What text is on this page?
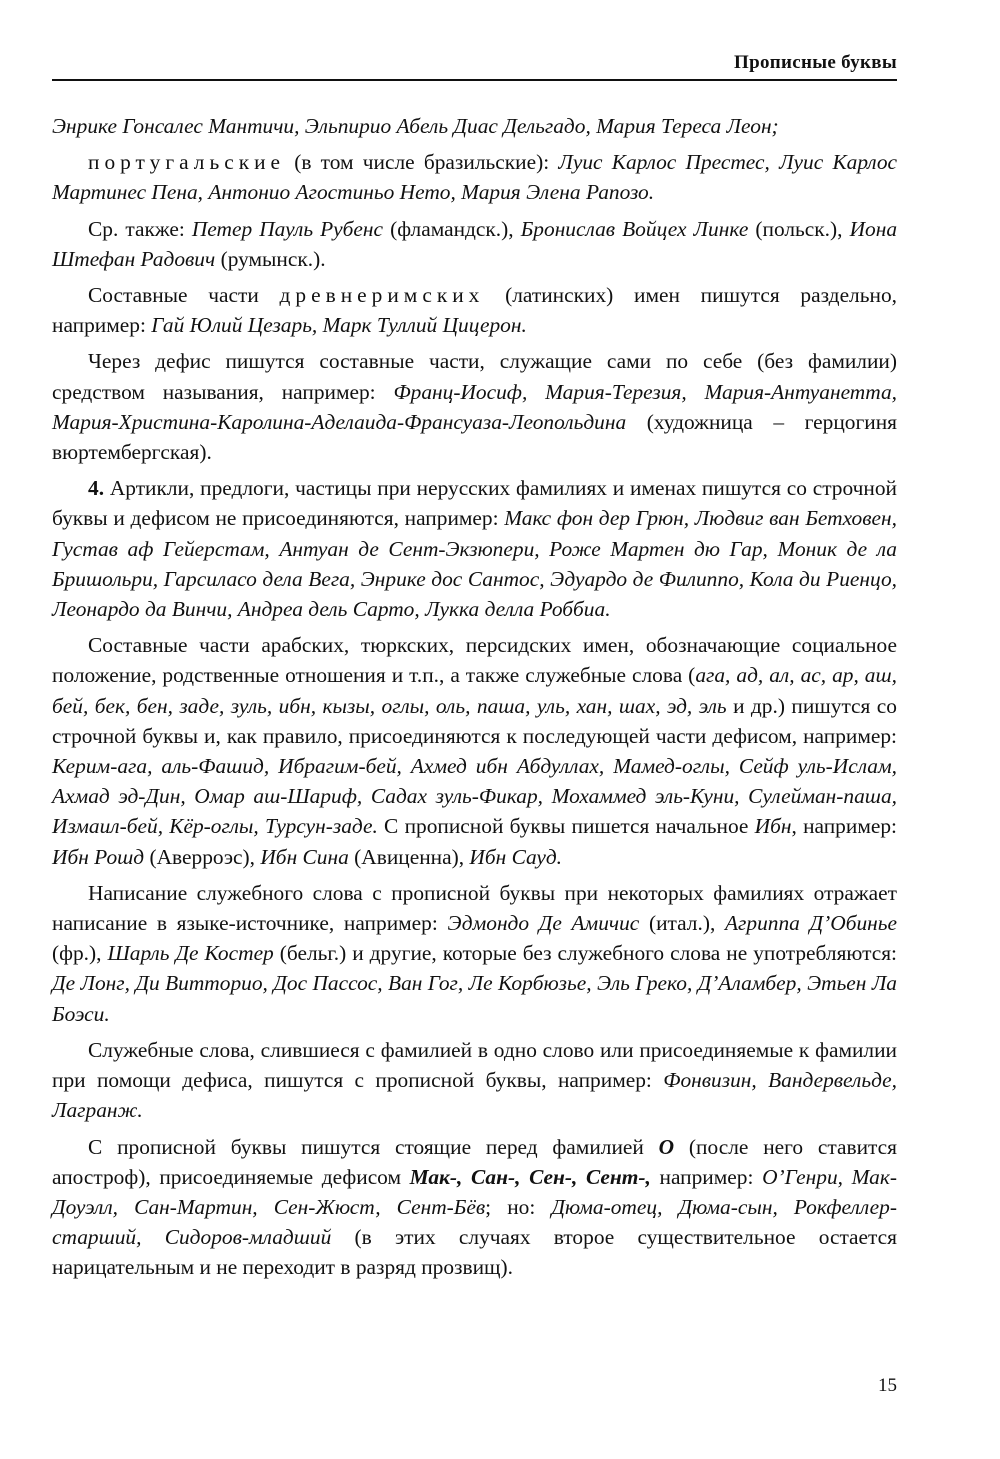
Прописные буквы

Энрике Гонсалес Мантичи, Эльпирио Абель Диас Дельгадо, Мария Тереса Леон;

португальские (в том числе бразильские): Луис Карлос Престес, Луис Карлос Мартинес Пена, Антонио Агостиньо Нето, Мария Элена Рапозо.

Ср. также: Петер Пауль Рубенс (фламандск.), Бронислав Войцех Линке (польск.), Иона Штефан Радович (румынск.).

Составные части древнеримских (латинских) имен пишутся раздельно, например: Гай Юлий Цезарь, Марк Туллий Цицерон.

Через дефис пишутся составные части, служащие сами по себе (без фамилии) средством называния, например: Франц-Иосиф, Мария-Терезия, Мария-Антуанетта, Мария-Христина-Каролина-Аделаида-Франсуаза-Леопольдина (художница – герцогиня вюртембергская).

4. Артикли, предлоги, частицы при нерусских фамилиях и именах пишутся со строчной буквы и дефисом не присоединяются, например: Макс фон дер Грюн, Людвиг ван Бетховен, Густав аф Гейерстам, Антуан де Сент-Экзюпери, Роже Мартен дю Гар, Моник де ла Бришольри, Гарсиласо дела Вега, Энрике дос Сантос, Эдуардо де Филиппо, Кола ди Риенцо, Леонардо да Винчи, Андреа дель Сарто, Лукка делла Роббиа.

Составные части арабских, тюркских, персидских имен, обозначающие социальное положение, родственные отношения и т.п., а также служебные слова (ага, ад, ал, ас, ар, аш, бей, бек, бен, заде, зуль, ибн, кызы, оглы, оль, паша, уль, хан, шах, эд, эль и др.) пишутся со строчной буквы и, как правило, присоединяются к последующей части дефисом, например: Керим-ага, аль-Фашид, Ибрагим-бей, Ахмед ибн Абдуллах, Мамед-оглы, Сейф уль-Ислам, Ахмад эд-Дин, Омар аш-Шариф, Садах зуль-Фикар, Мохаммед эль-Куни, Сулейман-паша, Измаил-бей, Кёр-оглы, Турсун-заде. С прописной буквы пишется начальное Ибн, например: Ибн Рошд (Аверроэс), Ибн Сина (Авиценна), Ибн Сауд.

Написание служебного слова с прописной буквы при некоторых фамилиях отражает написание в языке-источнике, например: Эдмондо Де Амичис (итал.), Агриппа Д’Обинье (фр.), Шарль Де Костер (бельг.) и другие, которые без служебного слова не употребляются: Де Лонг, Ди Витторио, Дос Пассос, Ван Гог, Ле Корбюзье, Эль Греко, Д’Аламбер, Этьен Ла Боэси.

Служебные слова, слившиеся с фамилией в одно слово или присоединяемые к фамилии при помощи дефиса, пишутся с прописной буквы, например: Фонвизин, Вандервельде, Лагранж.

С прописной буквы пишутся стоящие перед фамилией О (после него ставится апостроф), присоединяемые дефисом Мак-, Сан-, Сен-, Сент-, например: О’Генри, Мак-Доуэлл, Сан-Мартин, Сен-Жюст, Сент-Бёв; но: Дюма-отец, Дюма-сын, Рокфеллер-старший, Сидоров-младший (в этих случаях второе существительное остается нарицательным и не переходит в разряд прозвищ).

15
